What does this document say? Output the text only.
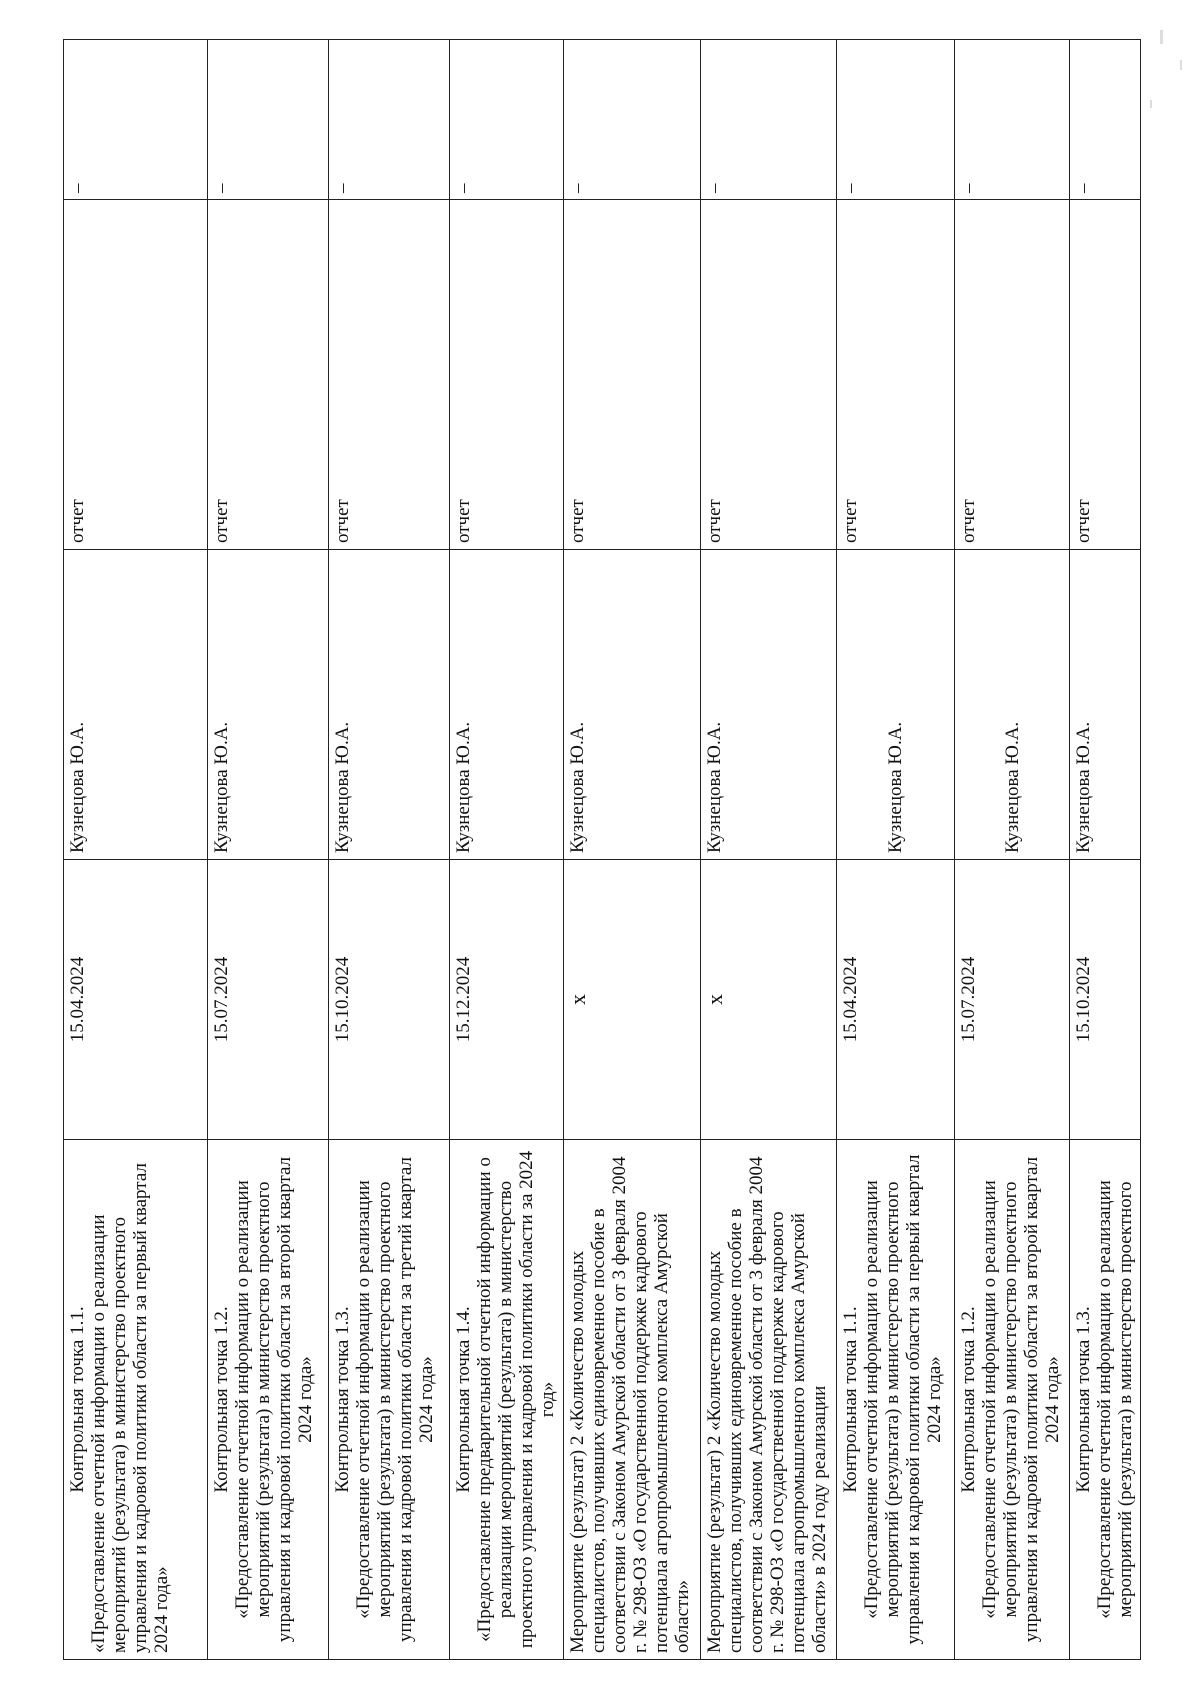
Контрольная точка 1.1. «Предоставление отчетной информации о реализации мероприятий (результата) в министерство проектного управления и кадровой политики области за первый квартал 2024 года»	15.04.2024	Кузнецова Ю.А.	отчет	–

Контрольная точка 1.2. «Предоставление отчетной информации о реализации мероприятий (результата) в министерство проектного управления и кадровой политики области за второй квартал 2024 года»	15.07.2024	Кузнецова Ю.А.	отчет	–

Контрольная точка 1.3. «Предоставление отчетной информации о реализации мероприятий (результата) в министерство проектного управления и кадровой политики области за третий квартал 2024 года»	15.10.2024	Кузнецова Ю.А.	отчет	–

Контрольная точка 1.4. «Предоставление предварительной отчетной информации о реализации мероприятий (результата) в министерство проектного управления и кадровой политики области за 2024 год»	15.12.2024	Кузнецова Ю.А.	отчет	–

Мероприятие (результат) 2 «Количество молодых специалистов, получивших единовременное пособие в соответствии с Законом Амурской области от 3 февраля 2004 г. № 298-ОЗ «О государственной поддержке кадрового потенциала агропромышленного комплекса Амурской области»	x	Кузнецова Ю.А.	отчет	–

Мероприятие (результат) 2 «Количество молодых специалистов, получивших единовременное пособие в соответствии с Законом Амурской области от 3 февраля 2004 г. № 298-ОЗ «О государственной поддержке кадрового потенциала агропромышленного комплекса Амурской области» в 2024 году реализации	x	Кузнецова Ю.А.	отчет	–

Контрольная точка 1.1. «Предоставление отчетной информации о реализации мероприятий (результата) в министерство проектного управления и кадровой политики области за первый квартал 2024 года»	15.04.2024	Кузнецова Ю.А.	отчет	–

Контрольная точка 1.2. «Предоставление отчетной информации о реализации мероприятий (результата) в министерство проектного управления и кадровой политики области за второй квартал 2024 года»	15.07.2024	Кузнецова Ю.А.	отчет	–

Контрольная точка 1.3. «Предоставление отчетной информации о реализации мероприятий (результата) в министерство проектного	15.10.2024	Кузнецова Ю.А.	отчет	–
